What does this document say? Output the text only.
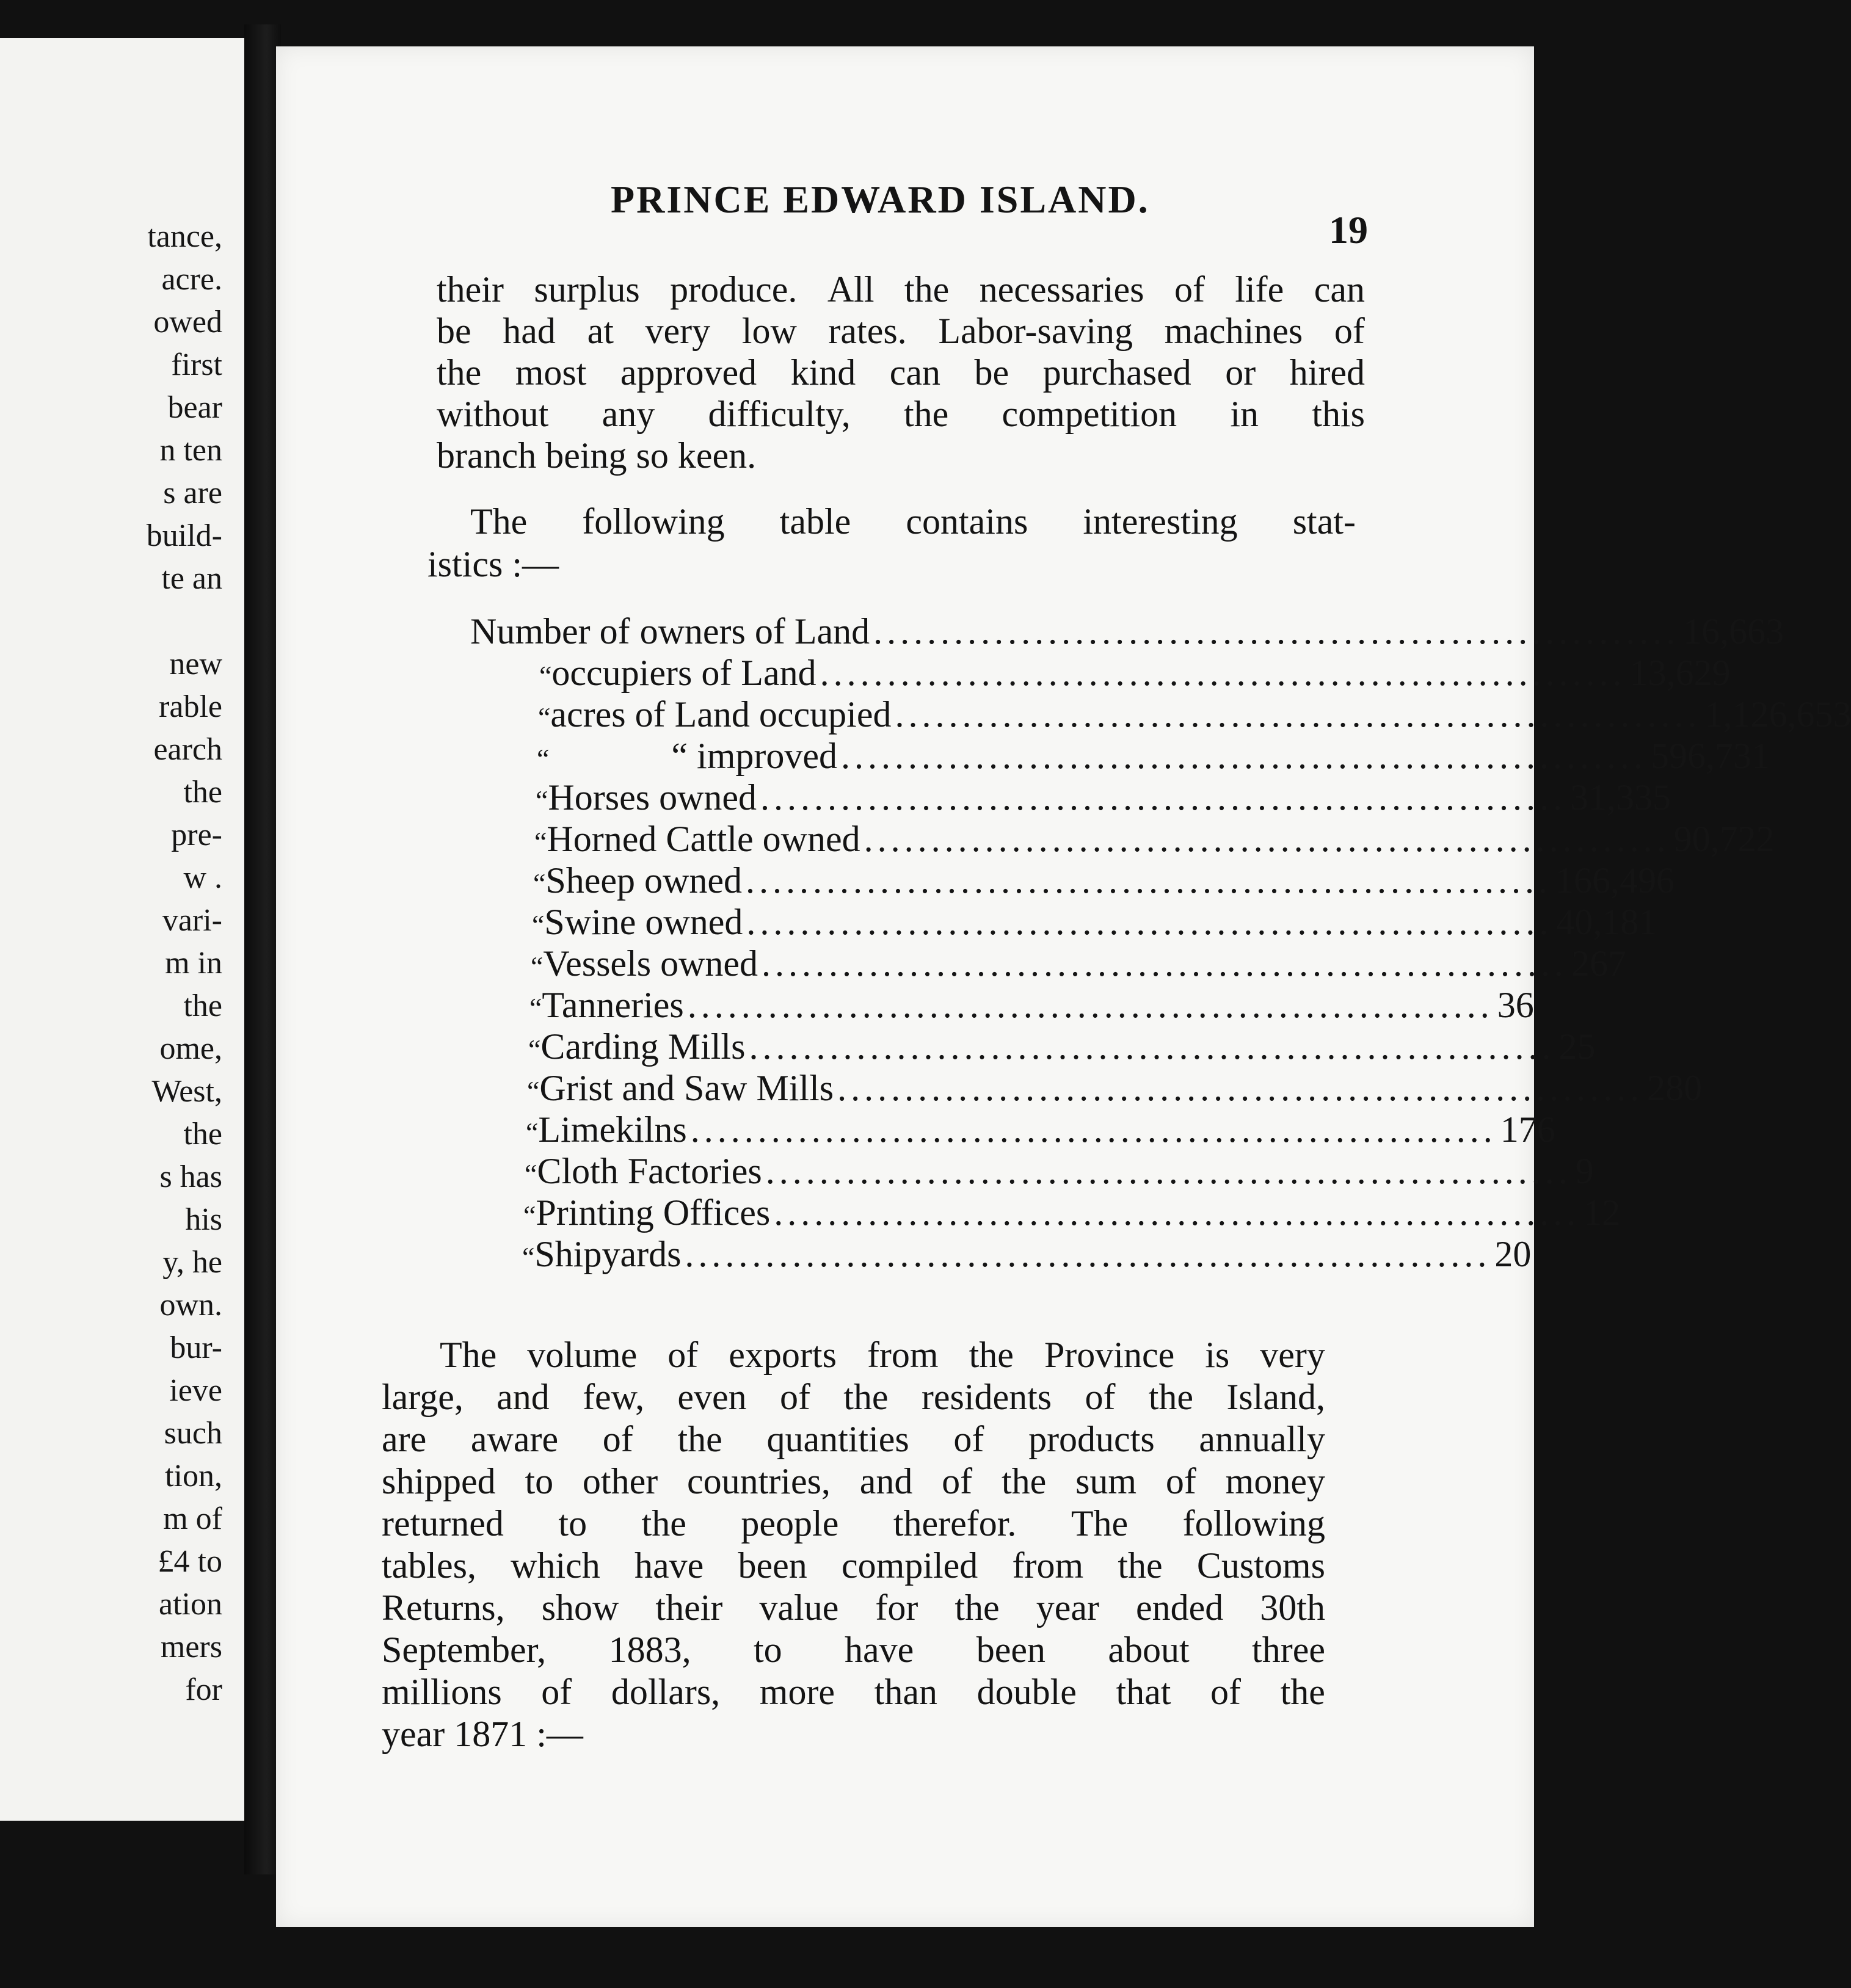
tance,
acre.
owed
first
bear
n ten
s are
build-
te an
new
rable
earch
the
pre-
w .
vari-
m in
the
ome,
West,
the
s has
his
y, he
own.
bur-
ieve
such
tion,
m of
£4 to
ation
mers
for
PRINCE EDWARD ISLAND.
19
their surplus produce. All the necessaries of life can
be had at very low rates. Labor-saving machines of
the most approved kind can be purchased or hired
without any difficulty, the competition in this
branch being so keen.
The following table contains interesting stat-
istics :—
Number of owners of Land ............................................................ 16,663
“ occupiers of Land ............................................................ 13,629
“ acres of Land occupied ............................................................ 1,126,653
“	“ improved ............................................................ 596,731
“ Horses owned ............................................................ 31,335
“ Horned Cattle owned ............................................................ 90,722
“ Sheep owned ............................................................ 166,496
“ Swine owned ............................................................ 40,181
“ Vessels owned ............................................................ 267
“ Tanneries ............................................................ 36
“ Carding Mills ............................................................ 25
“ Grist and Saw Mills ............................................................ 280
“ Limekilns ............................................................ 176
“ Cloth Factories ............................................................ 9
“ Printing Offices ............................................................ 12
“ Shipyards ............................................................ 20
The volume of exports from the Province is very
large, and few, even of the residents of the Island,
are aware of the quantities of products annually
shipped to other countries, and of the sum of money
returned to the people therefor. The following
tables, which have been compiled from the Customs
Returns, show their value for the year ended 30th
September, 1883, to have been about three
millions of dollars, more than double that of the
year 1871 :—
